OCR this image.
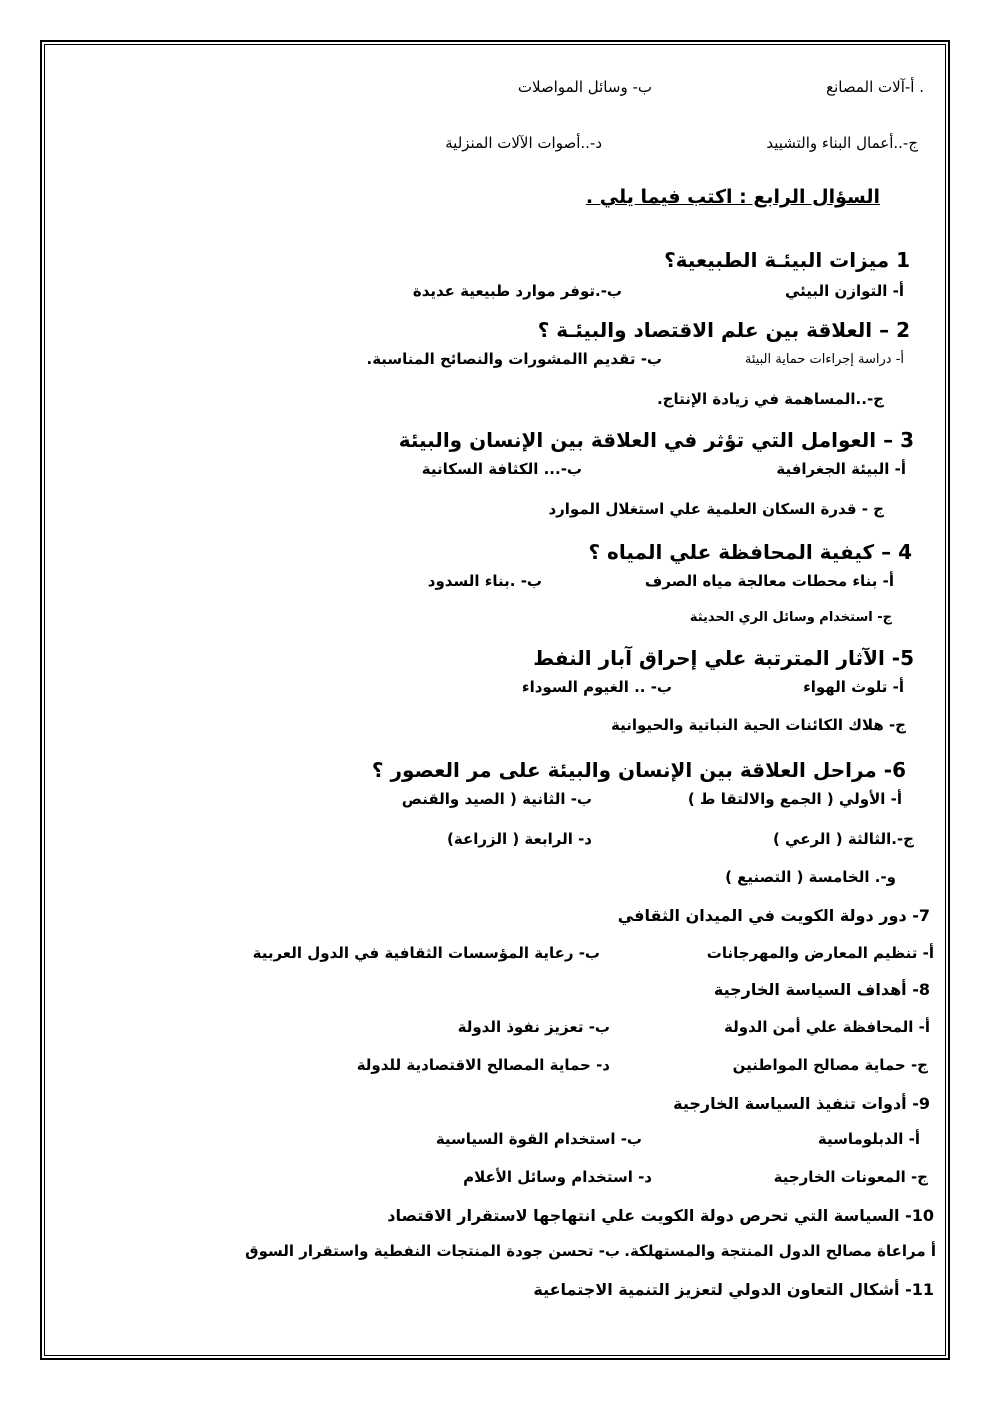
. أ-آلات المصانع
ب- وسائل المواصلات
ج-..أعمال البناء والتشييد
د-..أصوات الآلات المنزلية
السؤال الرابع : اكتب فيما يلي .
1 ميزات البيئـة الطبيعية؟
أ- التوازن البيئي
ب-.توفر موارد طبيعية عديدة
2 – العلاقة بين علم الاقتصاد والبيئـة ؟
أ- دراسة إجراءات حماية البيئة
ب- تقديم االمشورات والنصائح المناسبة.
ج-..المساهمة في زيادة الإنتاج.
3 – العوامل التي تؤثر في العلاقة بين الإنسان والبيئة
أ- البيئة الجغرافية
ب-... الكثافة السكانية
ج - قدرة السكان العلمية علي استغلال الموارد
4 – كيفية المحافظة علي المياه ؟
أ- بناء محطات معالجة مياه الصرف
ب- .بناء السدود
ج- استخدام وسائل الري الحديثة
5- الآثار المترتبة علي إحراق آبار النفط
أ- تلوث الهواء
ب- .. الغيوم السوداء
ج- هلاك الكائنات الحية النباتية والحيوانية
6- مراحل العلاقة بين الإنسان والبيئة على مر العصور ؟
أ- الأولي ( الجمع والالتقا ط )
ب- الثانية ( الصيد والقنص
ج-.الثالثة ( الرعي )
د- الرابعة ( الزراعة)
و-. الخامسة ( التصنيع )
7- دور دولة الكويت في الميدان الثقافي
أ- تنظيم المعارض والمهرجانات
ب- رعاية المؤسسات الثقافية في الدول العربية
8- أهداف السياسة الخارجية
أ- المحافظة علي أمن الدولة
ب- تعزيز نفوذ الدولة
ج- حماية مصالح المواطنين
د- حماية المصالح الاقتصادية للدولة
9- أدوات تنفيذ السياسة الخارجية
أ- الدبلوماسية
ب- استخدام القوة السياسية
ج- المعونات الخارجية
د- استخدام وسائل الأعلام
10- السياسة التي تحرص دولة الكويت علي انتهاجها لاستقرار الاقتصاد
أ مراعاة مصالح الدول المنتجة والمستهلكة.
ب- تحسن جودة المنتجات النفطية واستقرار السوق
11- أشكال التعاون الدولي لتعزيز التنمية الاجتماعية
